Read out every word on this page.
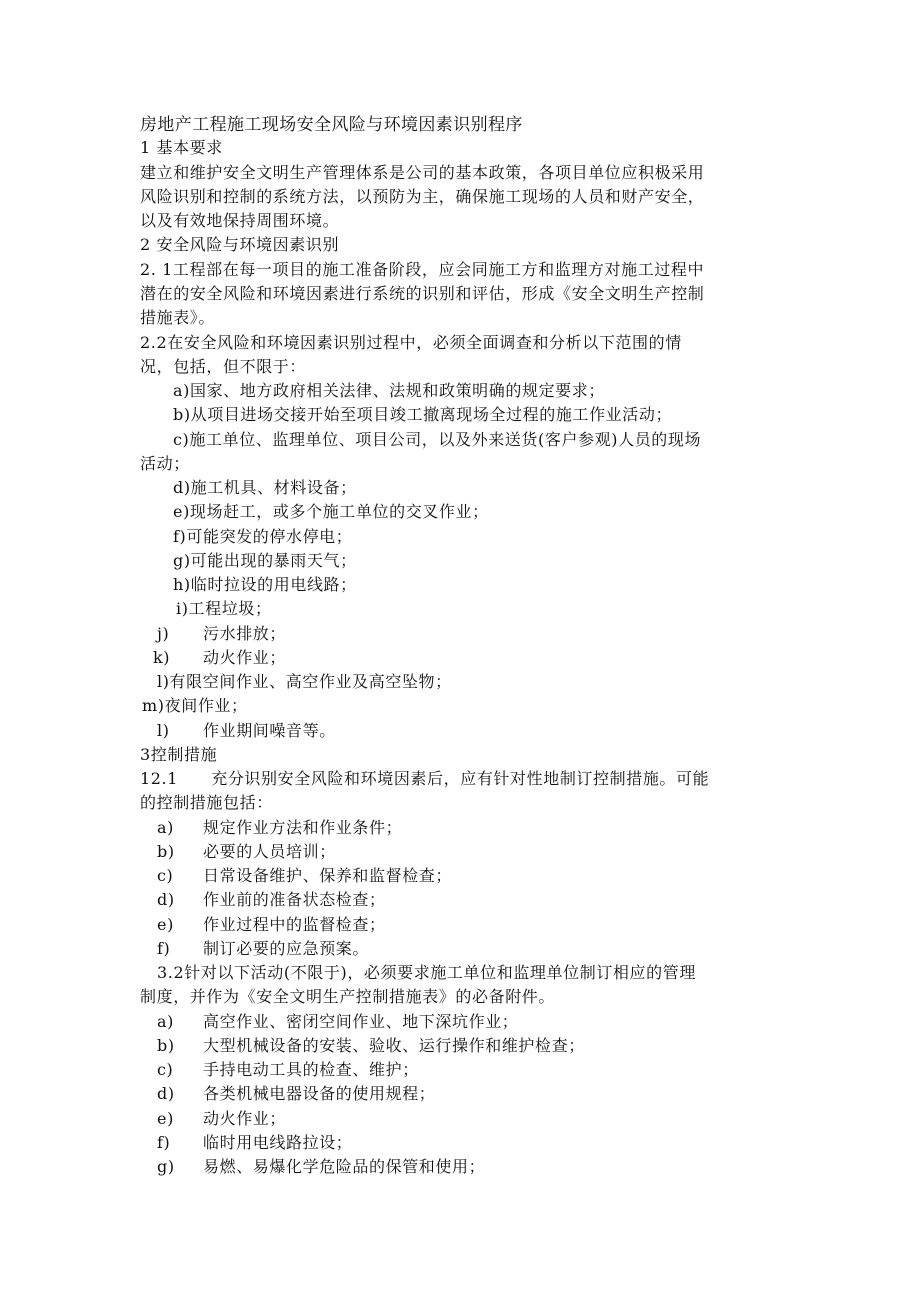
房地产工程施工现场安全风险与环境因素识别程序
1 基本要求
建立和维护安全文明生产管理体系是公司的基本政策，各项目单位应积极采用
风险识别和控制的系统方法，以预防为主，确保施工现场的人员和财产安全，
以及有效地保持周围环境。
2 安全风险与环境因素识别
2. 1工程部在每一项目的施工准备阶段，应会同施工方和监理方对施工过程中
潜在的安全风险和环境因素进行系统的识别和评估，形成《安全文明生产控制
措施表》。
2.2在安全风险和环境因素识别过程中，必须全面调查和分析以下范围的情
况，包括，但不限于：
a)国家、地方政府相关法律、法规和政策明确的规定要求；
b)从项目进场交接开始至项目竣工撤离现场全过程的施工作业活动；
c)施工单位、监理单位、项目公司，以及外来送货(客户参观)人员的现场
活动；
d)施工机具、材料设备；
e)现场赶工，或多个施工单位的交叉作业；
f)可能突发的停水停电；
g)可能出现的暴雨天气；
h)临时拉设的用电线路；
i)工程垃圾；
j) 污水排放；
k) 动火作业；
l)有限空间作业、高空作业及高空坠物；
m)夜间作业；
l) 作业期间噪音等。
3控制措施
12.1　　充分识别安全风险和环境因素后，应有针对性地制订控制措施。可能
的控制措施包括：
a) 规定作业方法和作业条件；
b) 必要的人员培训；
c) 日常设备维护、保养和监督检查；
d) 作业前的准备状态检查；
e) 作业过程中的监督检查；
f) 制订必要的应急预案。
3.2针对以下活动(不限于)，必须要求施工单位和监理单位制订相应的管理
制度，并作为《安全文明生产控制措施表》的必备附件。
a) 高空作业、密闭空间作业、地下深坑作业；
b) 大型机械设备的安装、验收、运行操作和维护检查；
c) 手持电动工具的检查、维护；
d) 各类机械电器设备的使用规程；
e) 动火作业；
f) 临时用电线路拉设；
g) 易燃、易爆化学危险品的保管和使用；
